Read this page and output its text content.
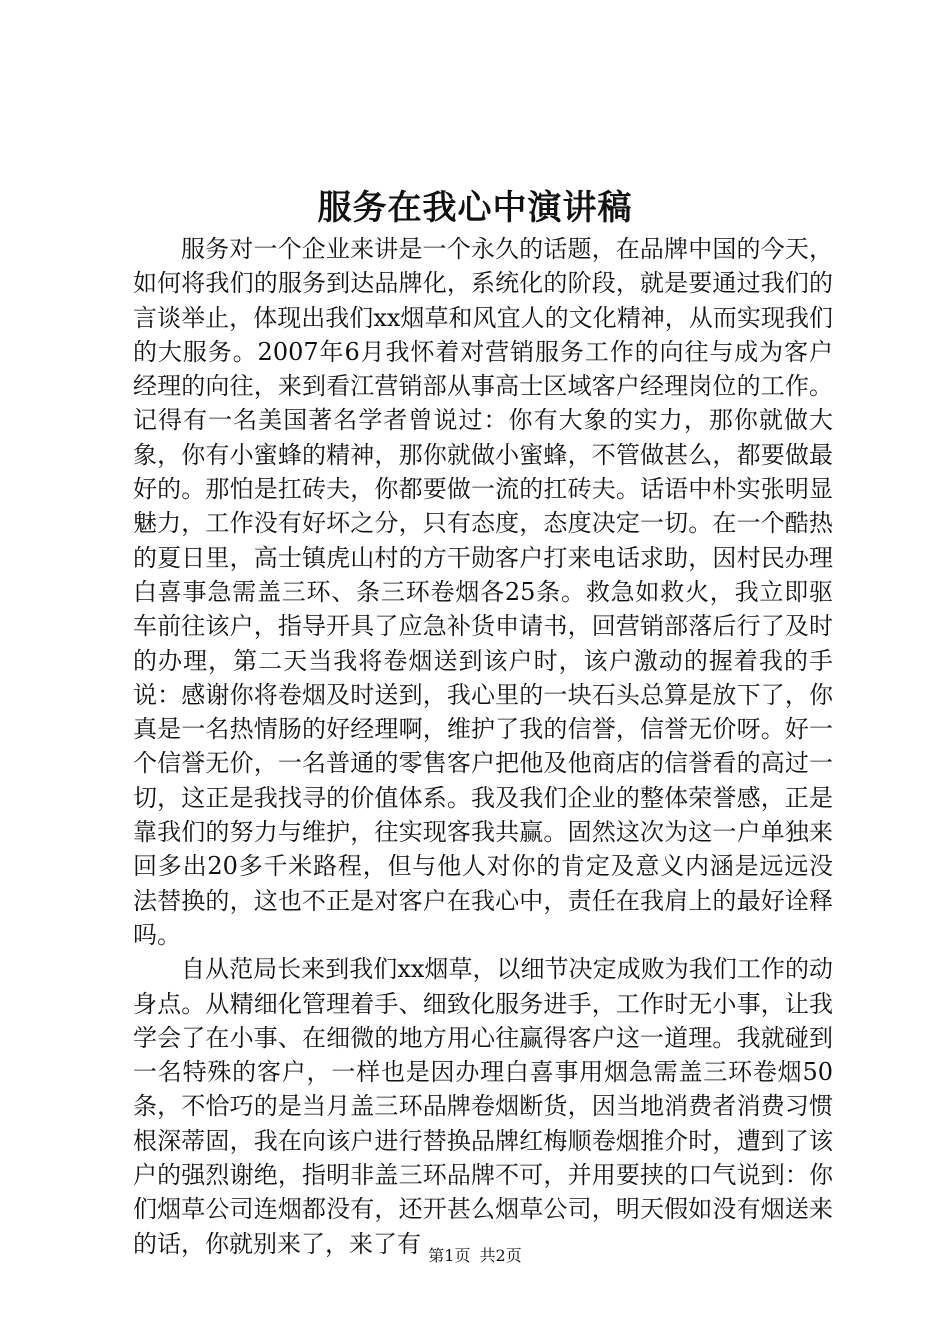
服务在我心中演讲稿

服务对一个企业来讲是一个永久的话题，在品牌中国的今天，如何将我们的服务到达品牌化，系统化的阶段，就是要通过我们的言谈举止，体现出我们xx烟草和风宜人的文化精神，从而实现我们的大服务。2007年6月我怀着对营销服务工作的向往与成为客户经理的向往，来到看江营销部从事高士区域客户经理岗位的工作。记得有一名美国著名学者曾说过：你有大象的实力，那你就做大象，你有小蜜蜂的精神，那你就做小蜜蜂，不管做甚么，都要做最好的。那怕是扛砖夫，你都要做一流的扛砖夫。话语中朴实张明显魅力，工作没有好坏之分，只有态度，态度决定一切。在一个酷热的夏日里，高士镇虎山村的方干勋客户打来电话求助，因村民办理白喜事急需盖三环、条三环卷烟各25条。救急如救火，我立即驱车前往该户，指导开具了应急补货申请书，回营销部落后行了及时的办理，第二天当我将卷烟送到该户时，该户激动的握着我的手说：感谢你将卷烟及时送到，我心里的一块石头总算是放下了，你真是一名热情肠的好经理啊，维护了我的信誉，信誉无价呀。好一个信誉无价，一名普通的零售客户把他及他商店的信誉看的高过一切，这正是我找寻的价值体系。我及我们企业的整体荣誉感，正是靠我们的努力与维护，往实现客我共赢。固然这次为这一户单独来回多出20多千米路程，但与他人对你的肯定及意义内涵是远远没法替换的，这也不正是对客户在我心中，责任在我肩上的最好诠释吗。

自从范局长来到我们xx烟草，以细节决定成败为我们工作的动身点。从精细化管理着手、细致化服务进手，工作时无小事，让我学会了在小事、在细微的地方用心往赢得客户这一道理。我就碰到一名特殊的客户，一样也是因办理白喜事用烟急需盖三环卷烟50条，不恰巧的是当月盖三环品牌卷烟断货，因当地消费者消费习惯根深蒂固，我在向该户进行替换品牌红梅顺卷烟推介时，遭到了该户的强烈谢绝，指明非盖三环品牌不可，并用要挟的口气说到：你们烟草公司连烟都没有，还开甚么烟草公司，明天假如没有烟送来的话，你就别来了，来了有 第1页 共2页
